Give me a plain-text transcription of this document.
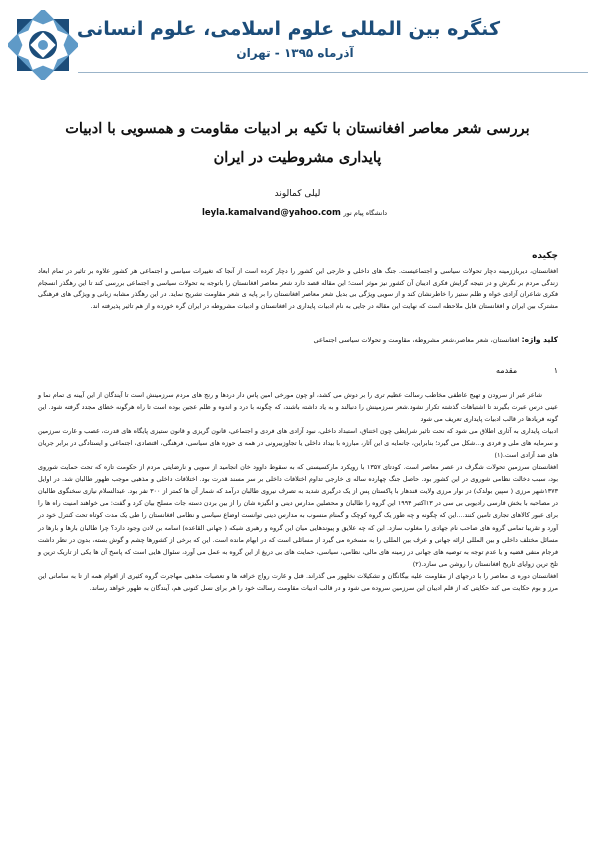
کنگره بین المللی علوم اسلامی، علوم انسانی
آذرماه ۱۳۹۵ - تهران
بررسی شعر معاصر افغانستان با تکیه بر ادبیات مقاومت و همسویی با ادبیات
پایداری مشروطیت در ایران
لیلی کمالوند
دانشگاه پیام نور leyla.kamalvand@yahoo.com
چکیده
افغانستان، دیرباززمینه دچار تحولات سیاسی و اجتماعیست. جنگ های داخلی و خارجی این کشور را دچار کرده است از آنجا که تغییرات سیاسی و اجتماعی هر کشور علاوه بر تاثیر در تمام ابعاد زندگی مردم بر نگرش و در نتیجه گرایش فکری ادیبان آن کشور نیز موثر است؛ این مقاله قصد دارد شعر معاصر افغانستان را باتوجه به تحولات سیاسی و اجتماعی بررسی کند تا این رهگذر انسجام فکری شاعران آزادی خواه و ظلم ستیز را خاطرنشان کند و از سویی ویژگی بی بدیل شعر معاصر افغانستان را بر پایه ی شعر مقاومت تشریح نماید. در این رهگذر مشابه زبانی و ویژگی های فرهنگی مشترک بین ایران و افغانستان قابل ملاحظه است که نهایت این مقاله در جایی به نام ادبیات پایداری در افغانستان و ادبیات مشروطه در ایران گره خورده و از هم تاثیر پذیرفته اند.
کلید واژه: افغانستان، شعر معاصر،شعر مشروطه، مقاومت و تحولات سیاسی اجتماعی
۱ مقدمه

شاعر غیر از سرودن و تهیج عاطفی مخاطب رسالت عظیم تری را بر دوش می کشد، او چون مورخی امین پاس دار دردها و رنج های مردم سرزمینش است تا آیندگان از این آیینه ی تمام نما و عینی درس عبرت بگیرند تا اشتباهات گذشته تکرار نشود.شعر سرزمینش را دنبالند و به یاد داشته باشند، که چگونه با درد و اندوه و ظلم عجین بوده است تا راه هرگونه خطای مجدد گرفته شود. این گونه فریادها در قالب ادبیات پایداری تعریف می شود

ادبیات پایداری به آثاری اطلاق می شود که تحت تاثیر شرایطی چون اختناق، استبداد داخلی، نبود آزادی های فردی و اجتماعی، قانون گریزی و قانون ستیزی پایگاه های قدرت، غصب و غارت سرزمین و سرمایه های ملی و فردی و...شکل می گیرد؛ بنابراین، جانمایه ی این آثار، مبارزه با بیداد داخلی یا تجاوزبیرونی در همه ی حوزه های سیاسی، فرهنگی، اقتصادی، اجتماعی و ایستادگی در برابر جریان های ضد آزادی است.(۱)

افغانستان سرزمین تحولات شگرف در عصر معاصر است. کودتای ۱۳۵۷ با رویکرد مارکسیستی که به سقوط داوود خان انجامید از سویی و نارضایتی مردم از حکومت تازه که تحت حمایت شوروی بود، سبب دخالت نظامی شوروی در این کشور بود. حاصل جنگ چهارده ساله ی خارجی تداوم اختلافات داخلی بر سر مسند قدرت بود. اختلافات داخلی و مذهبی موجب ظهور طالبان شد. در اوایل ۱۳۷۳شهر مرزی ( سپین بولدک) در نوار مرزی ولایت قندهار با پاکستان پس از یک درگیری شدید به تصرف نیروی طالبان درآمد که شمار آن ها کمتر از ۳۰۰ نفر بود. عبدالسلام نیازی سخنگوی طالبان در مصاحبه با بخش فارسی رادیوبی بی سی در ۱۳اکتبر ۱۹۹۴ این گروه را طالبان و محصلین مدارس دینی و انگیزه شان را از بین بردن دسته جات مسلح بیان کرد و گفت: می خواهند امنیت راه ها را برای عبور کالاهای تجاری تامین کنند....این که چگونه و چه طور یک گروه کوچک و گمنام منسوب به مدارس دینی توانست اوضاع سیاسی و نظامی افغانستان را طی یک مدت کوتاه تحت کنترل خود در آورد و تقریبا تمامی گروه های صاحب نام جهادی را مغلوب سازد. این که چه علایق و پیوندهایی میان این گروه و رهبری شبکه ( جهانی القاعده) اسامه بن لادن وجود دارد؟ چرا طالبان بارها و بارها در مسائل مختلف داخلی و بین المللی ارائه جهانی و عرف بین المللی را به مسخره می گیرد از مسائلی است که در ابهام مانده است. این که برخی از کشورها چشم و گوش بسته، بدون در نظر داشت فرجام منفی قضیه و یا عدم توجه به توصیه های جهانی در زمینه های مالی، نظامی، سیاسی، حمایت های بی دریغ از این گروه به عمل می آورد، سئوال هایی است که پاسخ آن ها یکی از تاریک ترین و تلخ ترین زوایای تاریخ افغانستان را روشن می سازد.(۲)

افغانستان دوره ی معاصر را با درجهای از مقاومت علیه بیگانگان و تشکیلات نخلهور می گذراند. قتل و غارت رواج خرافه ها و تعصبات مذهبی مهاجرت گروه کثیری از اقوام همه از تا به سامانی این مرز و بوم حکایت می کند حکایتی که از قلم ادیبان این سرزمین سروده می شود و در قالب ادبیات مقاومت رسالت خود را هر برای نسل کنونی هم، آیندگان به ظهور خواهد رساند.
